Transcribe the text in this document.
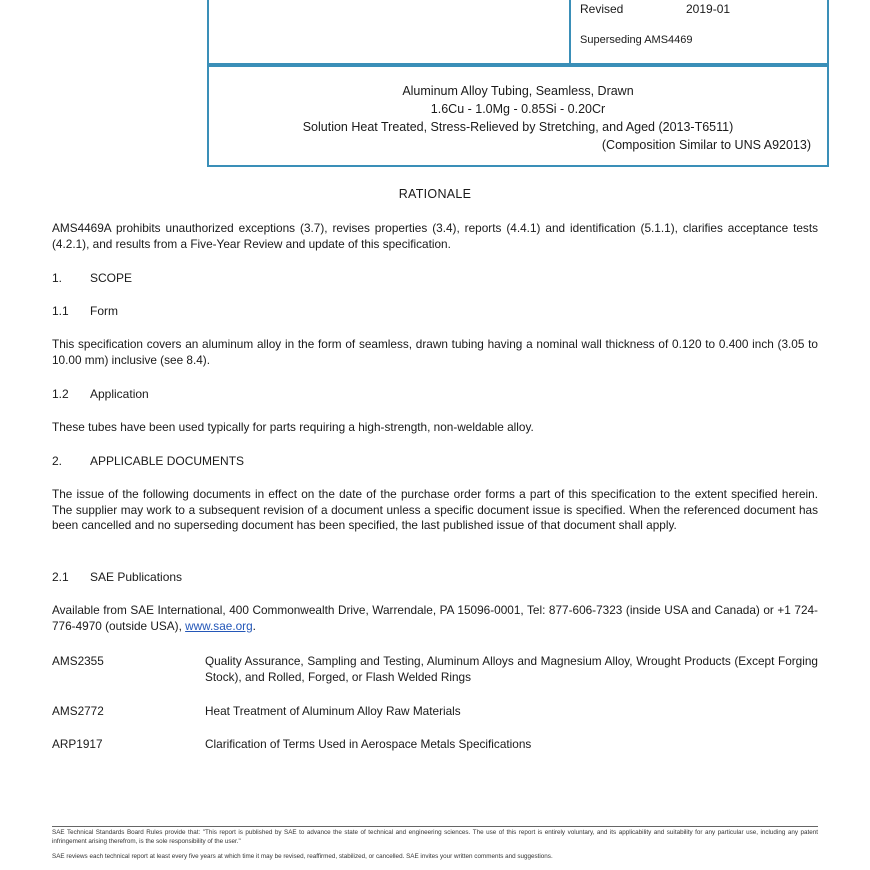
Revised	2019-01
Superseding AMS4469
Aluminum Alloy Tubing, Seamless, Drawn
1.6Cu - 1.0Mg - 0.85Si - 0.20Cr
Solution Heat Treated, Stress-Relieved by Stretching, and Aged (2013-T6511)
(Composition Similar to UNS A92013)
RATIONALE
AMS4469A prohibits unauthorized exceptions (3.7), revises properties (3.4), reports (4.4.1) and identification (5.1.1), clarifies acceptance tests (4.2.1), and results from a Five-Year Review and update of this specification.
1. SCOPE
1.1 Form
This specification covers an aluminum alloy in the form of seamless, drawn tubing having a nominal wall thickness of 0.120 to 0.400 inch (3.05 to 10.00 mm) inclusive (see 8.4).
1.2 Application
These tubes have been used typically for parts requiring a high-strength, non-weldable alloy.
2. APPLICABLE DOCUMENTS
The issue of the following documents in effect on the date of the purchase order forms a part of this specification to the extent specified herein. The supplier may work to a subsequent revision of a document unless a specific document issue is specified. When the referenced document has been cancelled and no superseding document has been specified, the last published issue of that document shall apply.
2.1 SAE Publications
Available from SAE International, 400 Commonwealth Drive, Warrendale, PA 15096-0001, Tel: 877-606-7323 (inside USA and Canada) or +1 724-776-4970 (outside USA), www.sae.org.
AMS2355	Quality Assurance, Sampling and Testing, Aluminum Alloys and Magnesium Alloy, Wrought Products (Except Forging Stock), and Rolled, Forged, or Flash Welded Rings
AMS2772	Heat Treatment of Aluminum Alloy Raw Materials
ARP1917	Clarification of Terms Used in Aerospace Metals Specifications
SAE Technical Standards Board Rules provide that: "This report is published by SAE to advance the state of technical and engineering sciences. The use of this report is entirely voluntary, and its applicability and suitability for any particular use, including any patent infringement arising therefrom, is the sole responsibility of the user."
SAE reviews each technical report at least every five years at which time it may be revised, reaffirmed, stabilized, or cancelled. SAE invites your written comments and suggestions.
